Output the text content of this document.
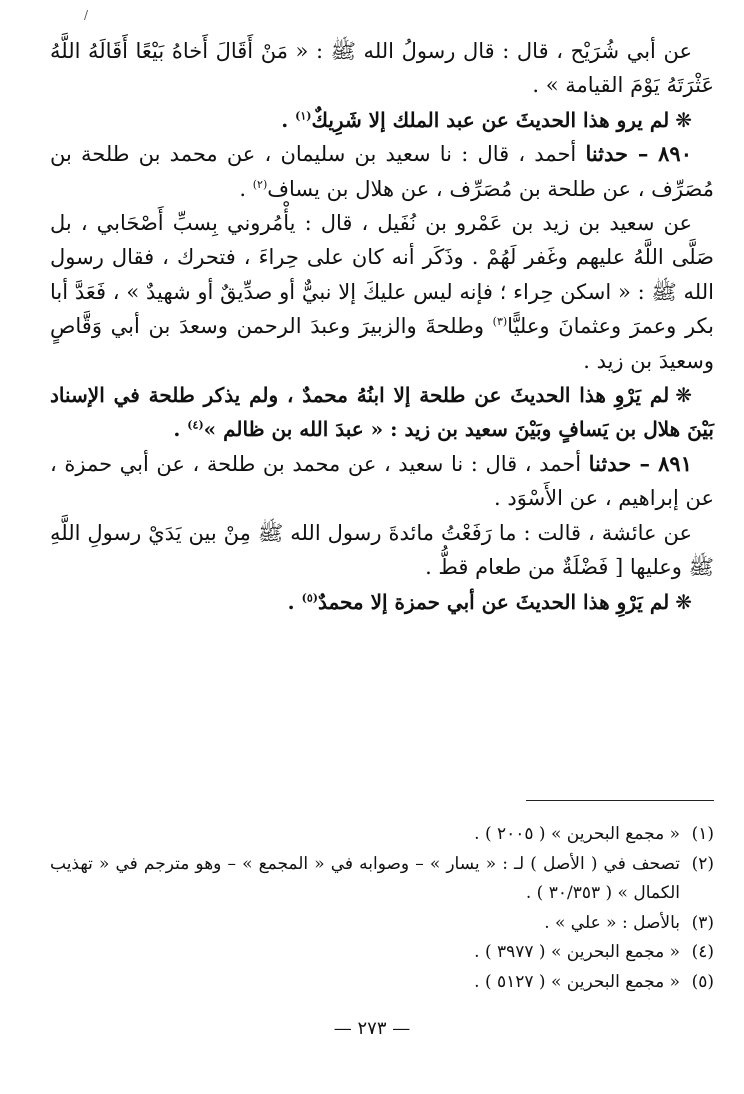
/

عن أبي شُرَيْح ، قال : قال رسولُ الله ﷺ : « مَنْ أَقَالَ أَخاهُ بَيْعًا أَقَالَهُ اللَّهُ عَثْرَتَهُ يَوْمَ القيامة » .

❋لم يرو هذا الحديثَ عن عبد الملك إلا شَرِيكٌ$^{(١)}$ .

٨٩٠ – حدثنا أحمد ، قال : نا سعيد بن سليمان ، عن محمد بن طلحة بن مُصَرِّف ، عن طلحة بن مُصَرِّف ، عن هلال بن يساف$^{(٢)}$ .

عن سعيد بن زيد بن عَمْرو بن نُفَيل ، قال : يأْمُروني بِسبِّ أَصْحَابي ، بل صَلَّى اللَّهُ عليهم وغَفر لَهُمْ . وذَكَر أنه كان على حِراءَ ، فتحرك ، فقال رسول الله ﷺ : « اسكن حِراء ؛ فإنه ليس عليكَ إلا نبيٌّ أو صدِّيقٌ أو شهيدٌ » ، فَعَدَّ أبا بكر وعمرَ وعثمانَ وعليًّا$^{(٣)}$ وطلحةَ والزبيرَ وعبدَ الرحمن وسعدَ بن أبي وَقَّاصٍ وسعيدَ بن زيد .

❋لم يَرْوِ هذا الحديثَ عن طلحة إلا ابنُهُ محمدٌ ، ولم يذكر طلحة في الإسناد بَيْنَ هلال بن يَسافٍ وبَيْنَ سعيد بن زيد : « عبدَ الله بن ظالم »$^{(٤)}$ .

٨٩١ – حدثنا أحمد ، قال : نا سعيد ، عن محمد بن طلحة ، عن أبي حمزة ، عن إبراهيم ، عن الأَسْوَد .

عن عائشة ، قالت : ما رَفَعْتُ مائدةَ رسول الله ﷺ مِنْ بين يَدَيْ رسولِ اللَّهِ ﷺ وعليها [ فَضْلَةٌ من طعام قطُّ .

❋لم يَرْوِ هذا الحديثَ عن أبي حمزة إلا محمدٌ$^{(٥)}$ .

(١)
« مجمع البحرين » ( ٢٠٠٥ ) .

(٢)
تصحف في ( الأصل ) لـ : « يسار » – وصوابه في « المجمع » – وهو مترجم في « تهذيب الكمال » ( ٣٠/٣٥٣ ) .

(٣)
بالأصل : « علي » .

(٤)
« مجمع البحرين » ( ٣٩٧٧ ) .

(٥)
« مجمع البحرين » ( ٥١٢٧ ) .

— ٢٧٣ —
